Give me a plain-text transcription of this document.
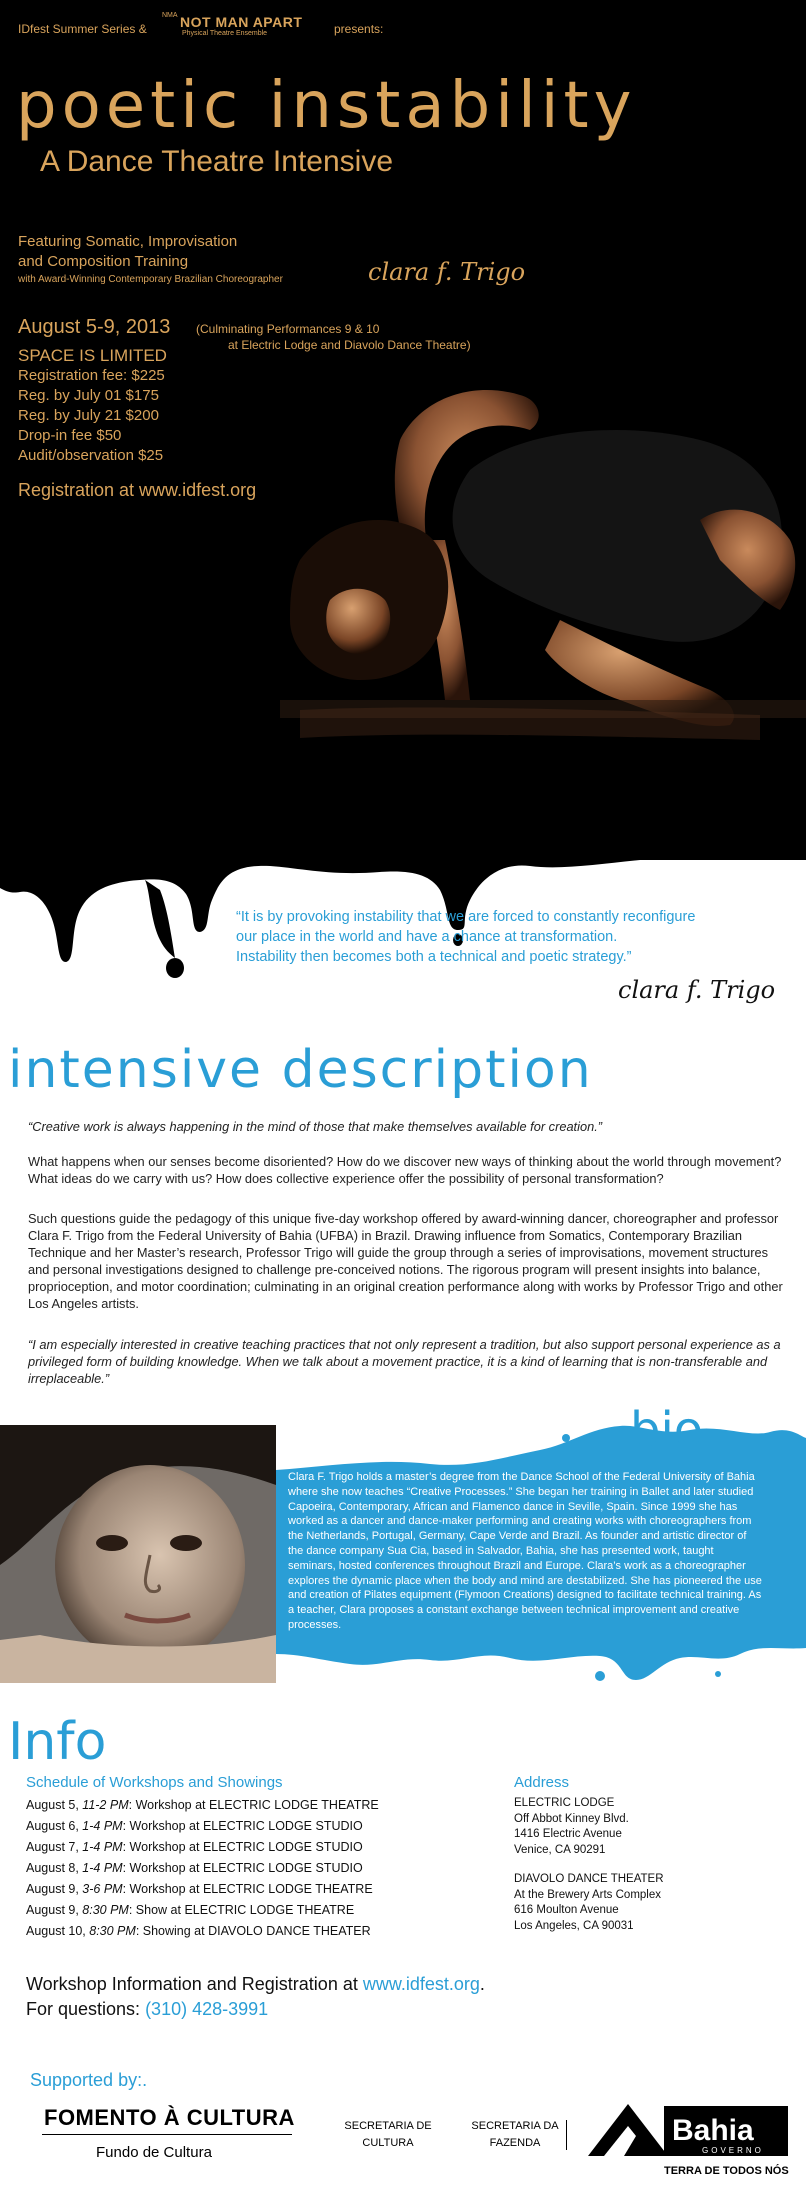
IDfest Summer Series &
NMA NOT MAN APART
Physical Theatre Ensemble	presents:
poetic instability
A Dance Theatre Intensive
Featuring Somatic, Improvisation
and Composition Training
with Award-Winning Contemporary Brazilian Choreographer	clara f. Trigo
August 5-9, 2013 (Culminating Performances 9 & 10
at Electric Lodge and Diavolo Dance Theatre)
SPACE IS LIMITED
Registration fee: $225
Reg. by July 01 $175
Reg. by July 21 $200
Drop-in fee $50
Audit/observation $25
Registration at www.idfest.org
“It is by provoking instability that we are forced to constantly reconfigure
our place in the world and have a chance at transformation.
Instability then becomes both a technical and poetic strategy.”
clara f. Trigo
intensive description
“Creative work is always happening in the mind of those that make themselves available for creation.”
What happens when our senses become disoriented? How do we discover new ways of thinking about the world through movement? What ideas do we carry with us? How does collective experience offer the possibility of personal transformation?
Such questions guide the pedagogy of this unique five-day workshop offered by award-winning dancer, choreographer and professor Clara F. Trigo from the Federal University of Bahia (UFBA) in Brazil. Drawing influence from Somatics, Contemporary Brazilian Technique and her Master’s research, Professor Trigo will guide the group through a series of improvisations, movement structures and personal investigations designed to challenge pre-conceived notions. The rigorous program will present insights into balance, proprioception, and motor coordination; culminating in an original creation performance along with works by Professor Trigo and other Los Angeles artists.
“I am especially interested in creative teaching practices that not only represent a tradition, but also support personal experience as a privileged form of building knowledge. When we talk about a movement practice, it is a kind of learning that is non-transferable and irreplaceable.”
bio
Clara F. Trigo holds a master’s degree from the Dance School of the Federal University of Bahia where she now teaches “Creative Processes.” She began her training in Ballet and later studied Capoeira, Contemporary, African and Flamenco dance in Seville, Spain. Since 1999 she has worked as a dancer and dance-maker performing and creating works with choreographers from the Netherlands, Portugal, Germany, Cape Verde and Brazil. As founder and artistic director of the dance company Sua Cia, based in Salvador, Bahia, she has presented work, taught seminars, hosted conferences throughout Brazil and Europe. Clara’s work as a choreographer explores the dynamic place when the body and mind are destabilized. She has pioneered the use and creation of Pilates equipment (Flymoon Creations) designed to facilitate technical training. As a teacher, Clara proposes a constant exchange between technical improvement and creative processes.
Info
Schedule of Workshops and Showings
August 5, 11-2 PM: Workshop at ELECTRIC LODGE THEATRE
August 6, 1-4 PM: Workshop at ELECTRIC LODGE STUDIO
August 7, 1-4 PM: Workshop at ELECTRIC LODGE STUDIO
August 8, 1-4 PM: Workshop at ELECTRIC LODGE STUDIO
August 9, 3-6 PM: Workshop at ELECTRIC LODGE THEATRE
August 9, 8:30 PM: Show at ELECTRIC LODGE THEATRE
August 10, 8:30 PM: Showing at DIAVOLO DANCE THEATER
Address
ELECTRIC LODGE
Off Abbot Kinney Blvd.
1416 Electric Avenue
Venice, CA 90291
DIAVOLO DANCE THEATER
At the Brewery Arts Complex
616 Moulton Avenue
Los Angeles, CA 90031
Workshop Information and Registration at www.idfest.org.
For questions: (310) 428-3991
Supported by:.
FOMENTO À CULTURA
Fundo de Cultura
SECRETARIA DE
CULTURA
SECRETARIA DA
FAZENDA	Bahia
GOVERNO
TERRA DE TODOS NÓS
